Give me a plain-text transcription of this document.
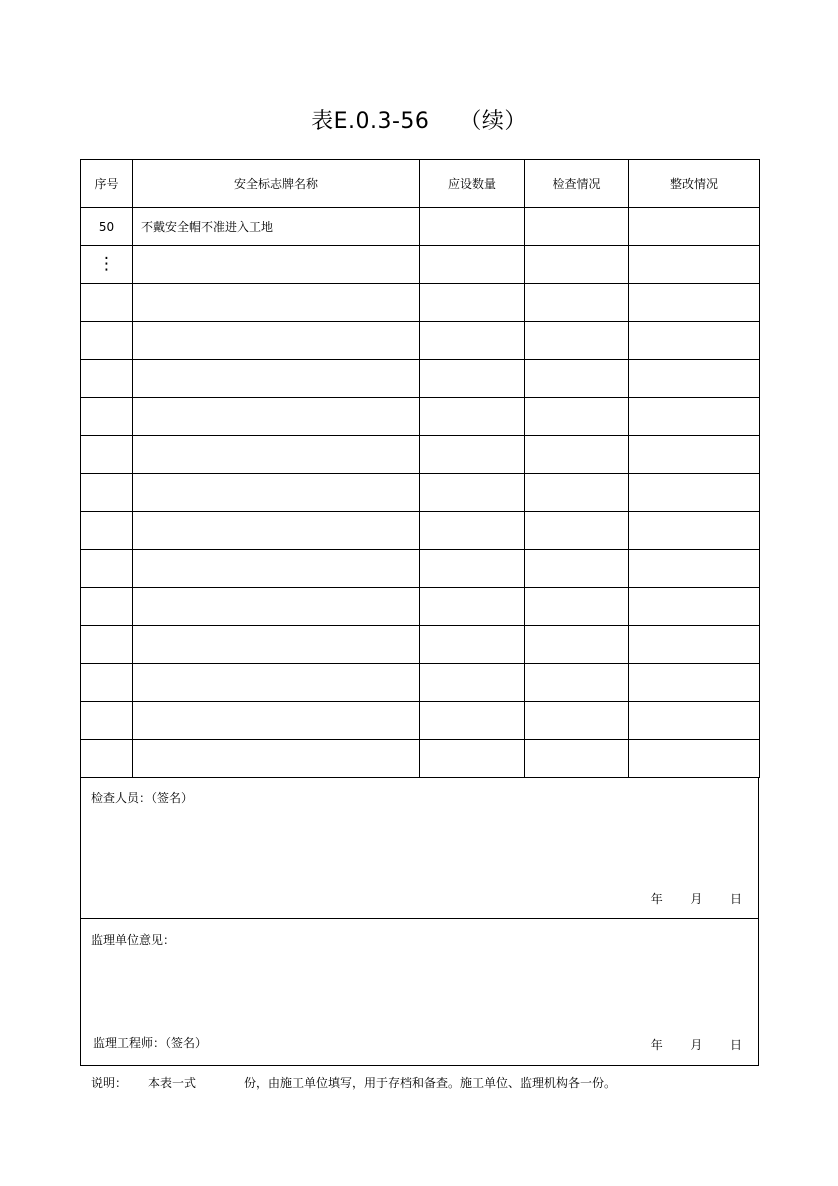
表E.0.3-56    （续）
序号	安全标志牌名称	应设数量	检查情况	整改情况
50	不戴安全帽不准进入工地			
⋮				

检查人员：（签名）
年  月  日
监理单位意见：
监理工程师：（签名）	年  月  日
说明： 本表一式	份，由施工单位填写，用于存档和备查。施工单位、监理机构各一份。
